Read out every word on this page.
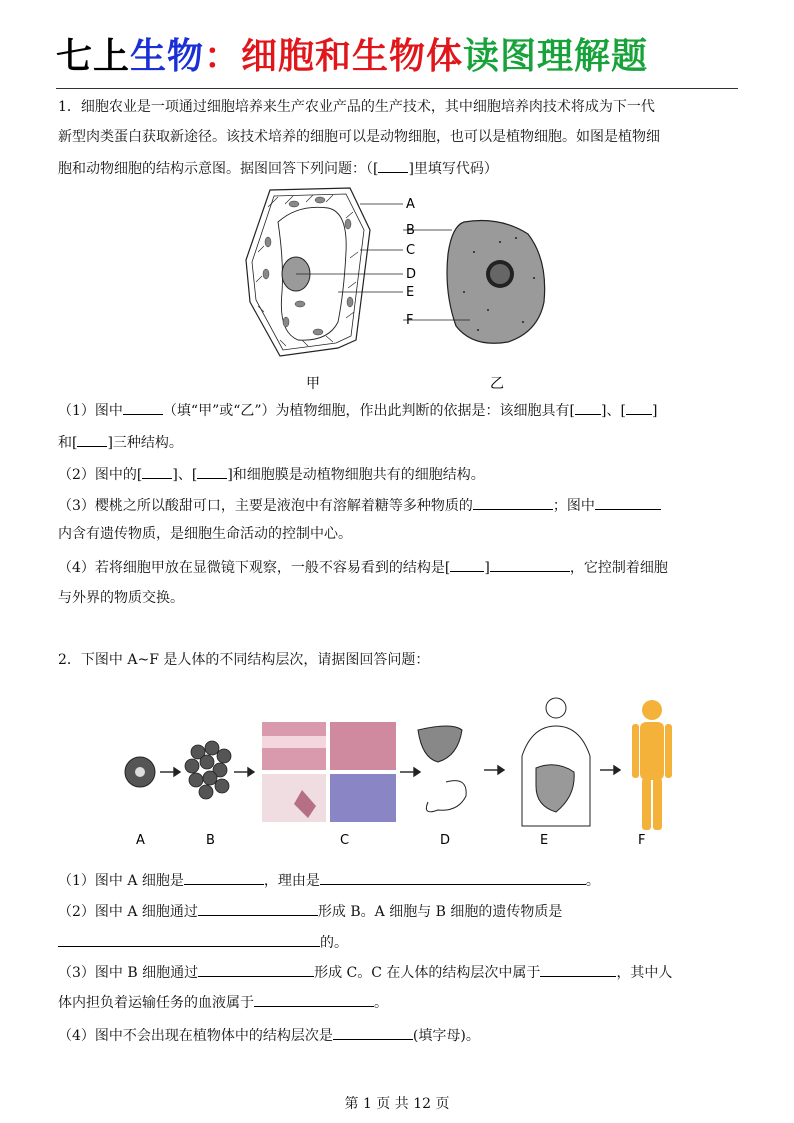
七上生物：细胞和生物体读图理解题
1．细胞农业是一项通过细胞培养来生产农业产品的生产技术，其中细胞培养肉技术将成为下一代
新型肉类蛋白获取新途径。该技术培养的细胞可以是动物细胞，也可以是植物细胞。如图是植物细
胞和动物细胞的结构示意图。据图回答下列问题：（[ ]里填写代码）
A
B
C
D
E
F
甲	乙
（1）图中	（填“甲”或“乙”）为植物细胞，作出此判断的依据是：该细胞具有[ ]、[ ]
和[ ]三种结构。
（2）图中的[ ]、[ ]和细胞膜是动植物细胞共有的细胞结构。
（3）樱桃之所以酸甜可口，主要是液泡中有溶解着糖等多种物质的	；图中
内含有遗传物质，是细胞生命活动的控制中心。
（4）若将细胞甲放在显微镜下观察，一般不容易看到的结构是[ ]	，它控制着细胞
与外界的物质交换。
2．下图中 A~F 是人体的不同结构层次，请据图回答问题：
A	B	C	D	E	F
（1）图中 A 细胞是	，理由是	。
（2）图中 A 细胞通过	形成 B。A 细胞与 B 细胞的遗传物质是
的。
（3）图中 B 细胞通过	形成 C。C 在人体的结构层次中属于	，其中人
体内担负着运输任务的血液属于	。
（4）图中不会出现在植物体中的结构层次是	(填字母)。
第 1 页 共 12 页
